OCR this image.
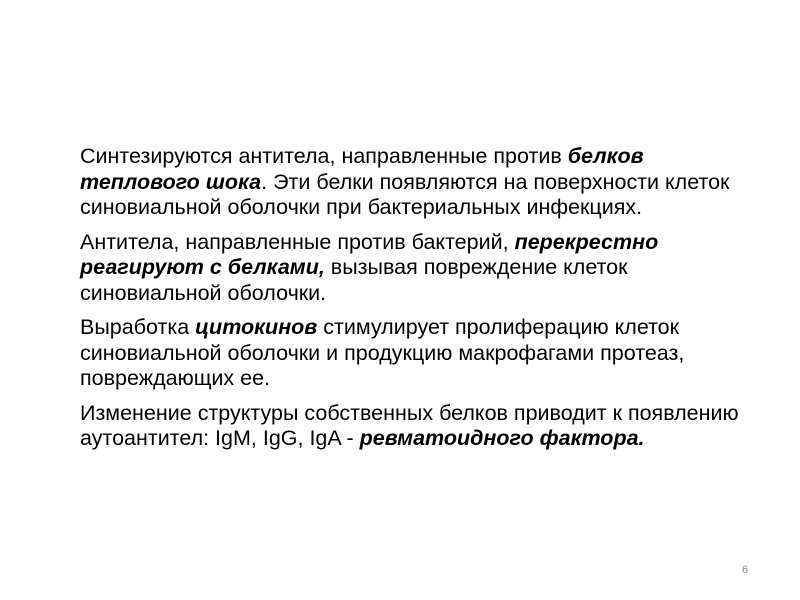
Синтезируются антитела, направленные против белков теплового шока. Эти белки появляются на поверхности клеток синовиальной оболочки при бактериальных инфекциях.

Антитела, направленные против бактерий, перекрестно реагируют с белками, вызывая повреждение клеток синовиальной оболочки.

Выработка цитокинов стимулирует пролиферацию клеток синовиальной оболочки и продукцию макрофагами протеаз, повреждающих ее.

Изменение структуры собственных белков приводит к появлению аутоантител: IgM, IgG, IgA - ревматоидного фактора.

6
